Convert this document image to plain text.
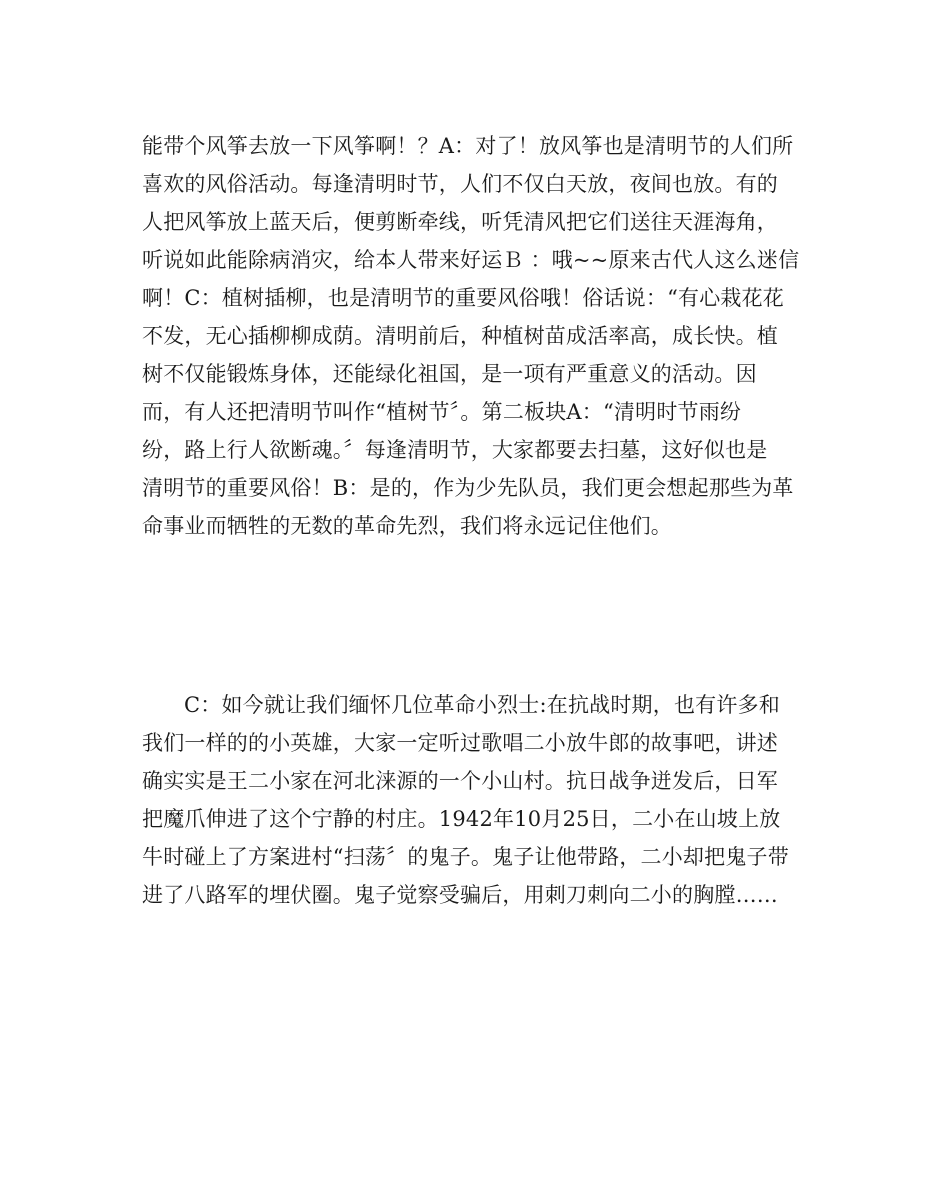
能带个风筝去放一下风筝啊！？A：对了！放风筝也是清明节的人们所
喜欢的风俗活动。每逢清明时节，人们不仅白天放，夜间也放。有的
人把风筝放上蓝天后，便剪断牵线，听凭清风把它们送往天涯海角，
听说如此能除病消灾，给本人带来好运Ｂ ：哦~~原来古代人这么迷信
啊！C：植树插柳，也是清明节的重要风俗哦！俗话说：“有心栽花花
不发，无心插柳柳成荫。清明前后，种植树苗成活率高，成长快。植
树不仅能锻炼身体，还能绿化祖国，是一项有严重意义的活动。因
而，有人还把清明节叫作“植树节〞。第二板块A：“清明时节雨纷
纷，路上行人欲断魂。〞每逢清明节，大家都要去扫墓，这好似也是
清明节的重要风俗！B：是的，作为少先队员，我们更会想起那些为革
命事业而牺牲的无数的革命先烈，我们将永远记住他们。
C：如今就让我们缅怀几位革命小烈士:在抗战时期，也有许多和
我们一样的的小英雄，大家一定听过歌唱二小放牛郎的故事吧，讲述
确实实是王二小家在河北涞源的一个小山村。抗日战争迸发后，日军
把魔爪伸进了这个宁静的村庄。1942年10月25日，二小在山坡上放
牛时碰上了方案进村“扫荡〞的鬼子。鬼子让他带路，二小却把鬼子带
进了八路军的埋伏圈。鬼子觉察受骗后，用刺刀刺向二小的胸膛……
